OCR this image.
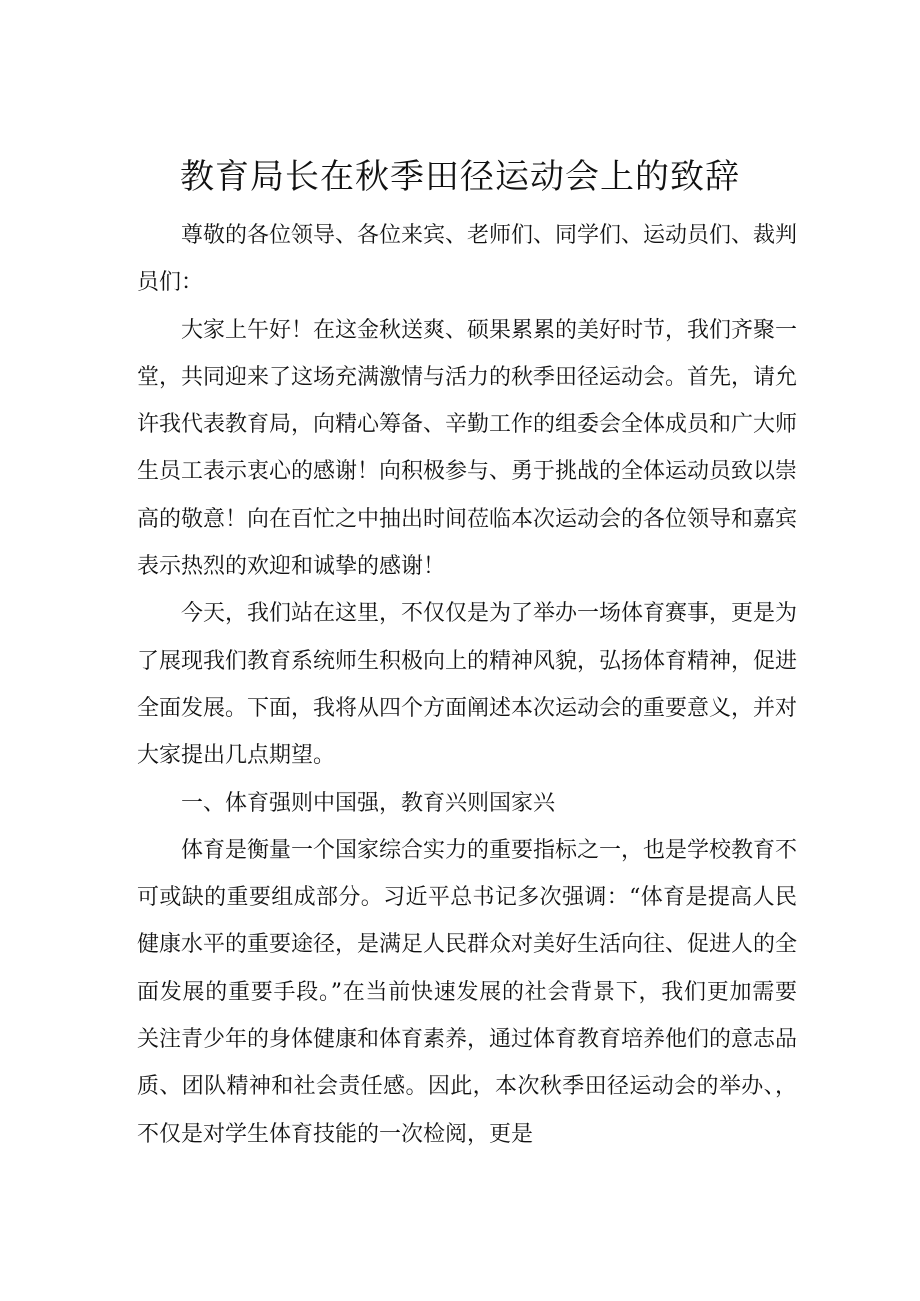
教育局长在秋季田径运动会上的致辞

尊敬的各位领导、各位来宾、老师们、同学们、运动员们、裁判员们：

大家上午好！在这金秋送爽、硕果累累的美好时节，我们齐聚一堂，共同迎来了这场充满激情与活力的秋季田径运动会。首先，请允许我代表教育局，向精心筹备、辛勤工作的组委会全体成员和广大师生员工表示衷心的感谢！向积极参与、勇于挑战的全体运动员致以崇高的敬意！向在百忙之中抽出时间莅临本次运动会的各位领导和嘉宾表示热烈的欢迎和诚挚的感谢！

今天，我们站在这里，不仅仅是为了举办一场体育赛事，更是为了展现我们教育系统师生积极向上的精神风貌，弘扬体育精神，促进全面发展。下面，我将从四个方面阐述本次运动会的重要意义，并对大家提出几点期望。

一、体育强则中国强，教育兴则国家兴

体育是衡量一个国家综合实力的重要指标之一，也是学校教育不可或缺的重要组成部分。习近平总书记多次强调：“体育是提高人民健康水平的重要途径，是满足人民群众对美好生活向往、促进人的全面发展的重要手段。”在当前快速发展的社会背景下，我们更加需要关注青少年的身体健康和体育素养，通过体育教育培养他们的意志品质、团队精神和社会责任感。因此，本次秋季田径运动会的举办、，不仅是对学生体育技能的一次检阅，更是
